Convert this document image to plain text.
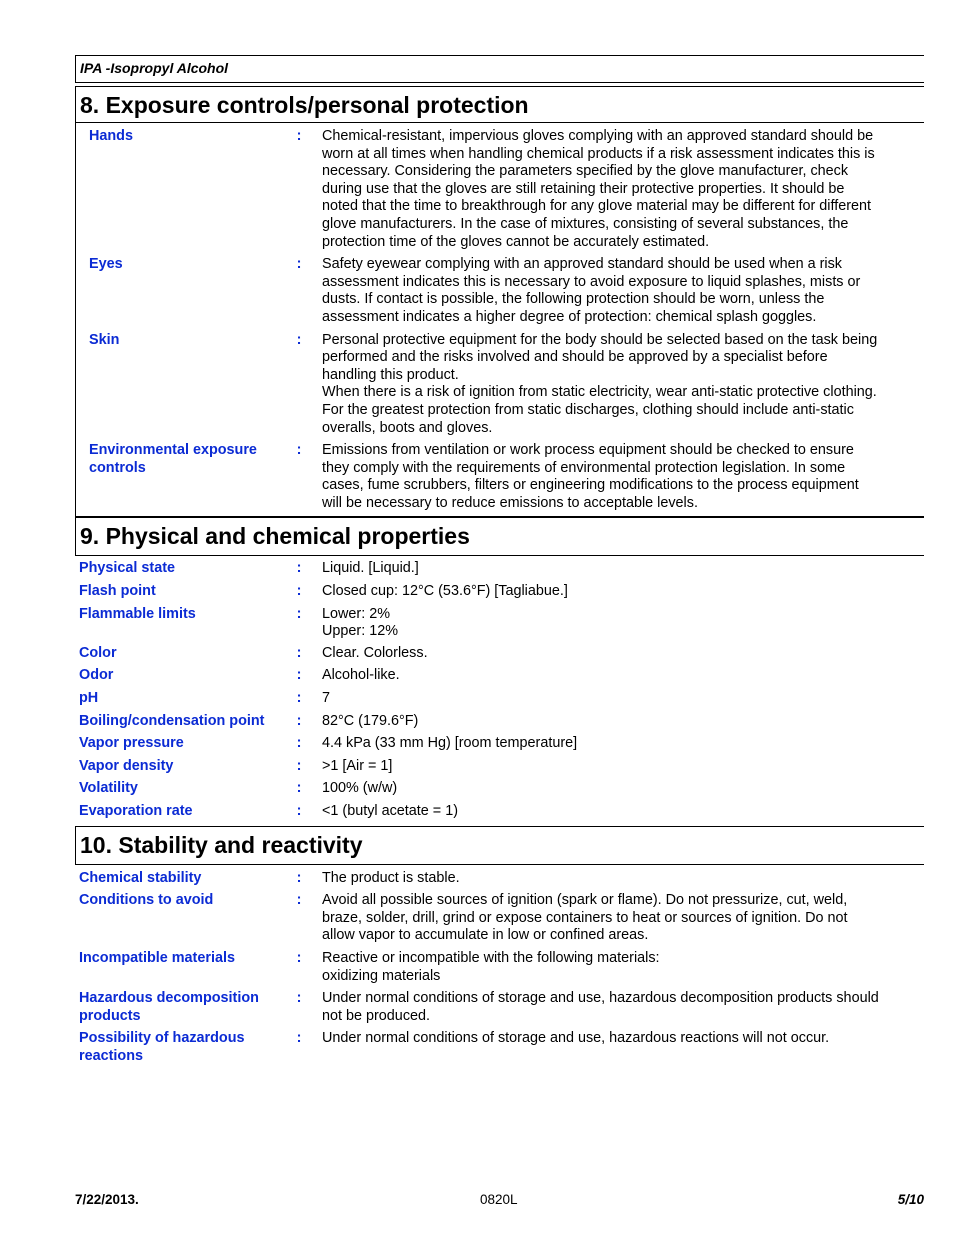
IPA -Isopropyl Alcohol
8. Exposure controls/personal protection
Hands	:	Chemical-resistant, impervious gloves complying with an approved standard should be
worn at all times when handling chemical products if a risk assessment indicates this is
necessary. Considering the parameters specified by the glove manufacturer, check
during use that the gloves are still retaining their protective properties. It should be
noted that the time to breakthrough for any glove material may be different for different
glove manufacturers. In the case of mixtures, consisting of several substances, the
protection time of the gloves cannot be accurately estimated.
Eyes	:	Safety eyewear complying with an approved standard should be used when a risk
assessment indicates this is necessary to avoid exposure to liquid splashes, mists or
dusts. If contact is possible, the following protection should be worn, unless the
assessment indicates a higher degree of protection: chemical splash goggles.
Skin	:	Personal protective equipment for the body should be selected based on the task being
performed and the risks involved and should be approved by a specialist before
handling this product.
When there is a risk of ignition from static electricity, wear anti-static protective clothing.
For the greatest protection from static discharges, clothing should include anti-static
overalls, boots and gloves.
Environmental exposure controls
:	Emissions from ventilation or work process equipment should be checked to ensure
they comply with the requirements of environmental protection legislation. In some
cases, fume scrubbers, filters or engineering modifications to the process equipment
will be necessary to reduce emissions to acceptable levels.
9. Physical and chemical properties
Physical state	:	Liquid. [Liquid.]
Flash point	:	Closed cup: 12°C (53.6°F) [Tagliabue.]
Flammable limits	:	Lower: 2%
Upper: 12%
Color	:	Clear. Colorless.
Odor	:	Alcohol-like.
pH	:	7
Boiling/condensation point	:	82°C (179.6°F)
Vapor pressure	:	4.4 kPa (33 mm Hg) [room temperature]
Vapor density	:	>1 [Air = 1]
Volatility	:	100% (w/w)
Evaporation rate	:	<1 (butyl acetate = 1)
10. Stability and reactivity
Chemical stability	:	The product is stable.
Conditions to avoid	:	Avoid all possible sources of ignition (spark or flame). Do not pressurize, cut, weld,
braze, solder, drill, grind or expose containers to heat or sources of ignition. Do not
allow vapor to accumulate in low or confined areas.
Incompatible materials	:	Reactive or incompatible with the following materials:
oxidizing materials
Hazardous decomposition products
:	Under normal conditions of storage and use, hazardous decomposition products should
not be produced.
Possibility of hazardous reactions
:	Under normal conditions of storage and use, hazardous reactions will not occur.
7/22/2013.	0820L	5/10
